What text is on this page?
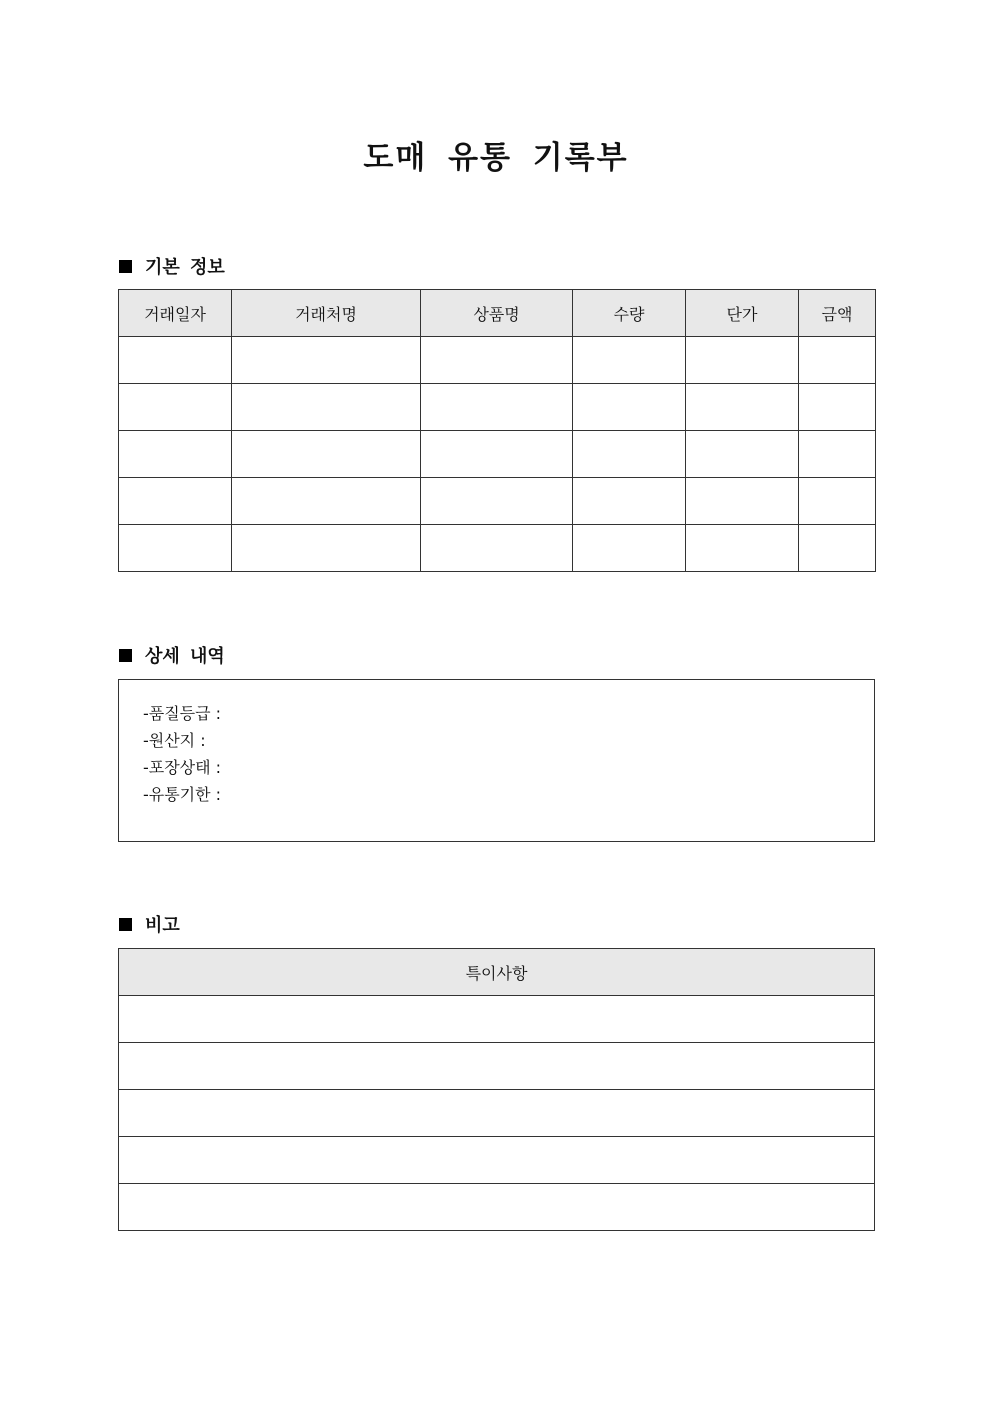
도매 유통 기록부
기본 정보
거래일자	거래처명	상품명	수량	단가	금액

상세 내역
-품질등급 :
-원산지 :
-포장상태 :
-유통기한 :
비고
특이사항
